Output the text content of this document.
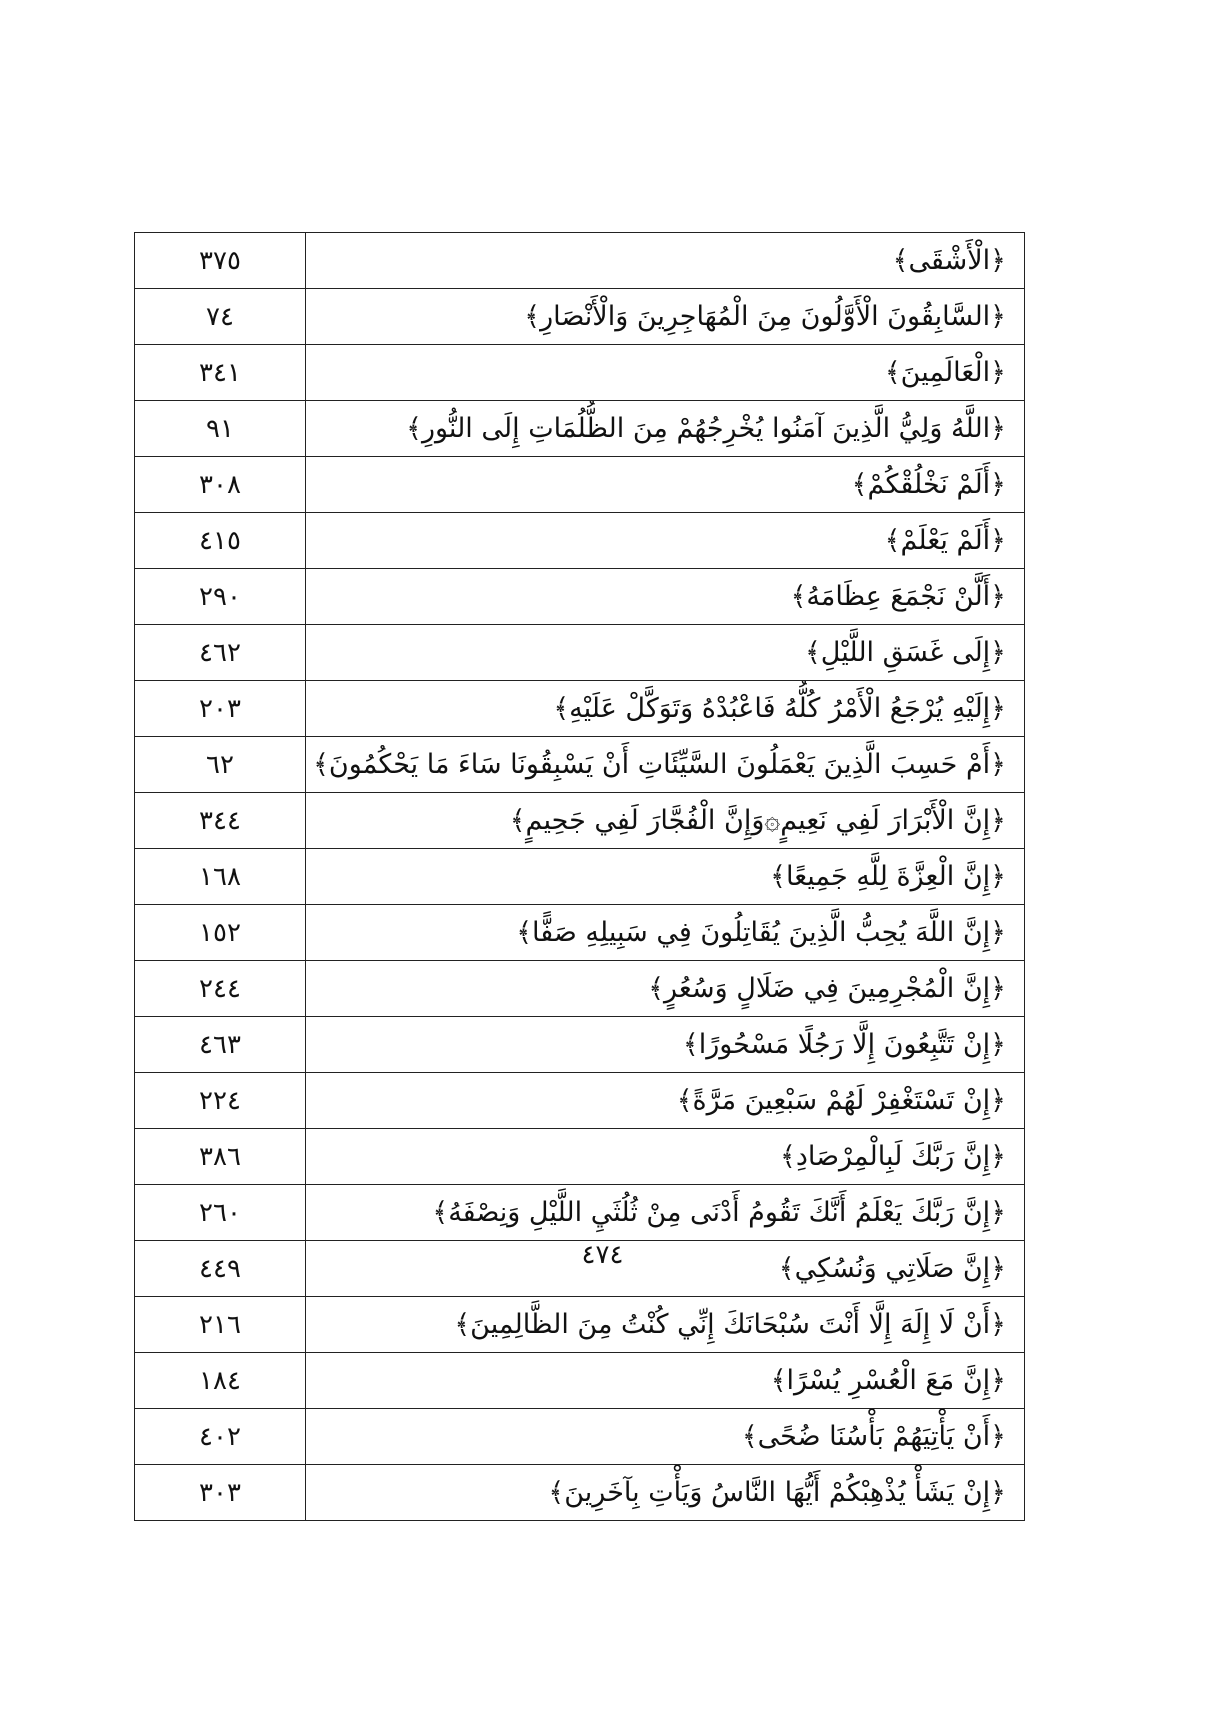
٣٧٥	﴿الْأَشْقَى﴾
٧٤	﴿السَّابِقُونَ الْأَوَّلُونَ مِنَ الْمُهَاجِرِينَ وَالْأَنْصَارِ﴾
٣٤١	﴿الْعَالَمِينَ﴾
٩١	﴿اللَّهُ وَلِيُّ الَّذِينَ آمَنُوا يُخْرِجُهُمْ مِنَ الظُّلُمَاتِ إِلَى النُّورِ﴾
٣٠٨	﴿أَلَمْ نَخْلُقْكُمْ﴾
٤١٥	﴿أَلَمْ يَعْلَمْ﴾
٢٩٠	﴿أَلَّنْ نَجْمَعَ عِظَامَهُ﴾
٤٦٢	﴿إِلَى غَسَقِ اللَّيْلِ﴾
٢٠٣	﴿إِلَيْهِ يُرْجَعُ الْأَمْرُ كُلُّهُ فَاعْبُدْهُ وَتَوَكَّلْ عَلَيْهِ﴾
٦٢	﴿أَمْ حَسِبَ الَّذِينَ يَعْمَلُونَ السَّيِّئَاتِ أَنْ يَسْبِقُونَا سَاءَ مَا يَحْكُمُونَ﴾
٣٤٤	﴿إِنَّ الْأَبْرَارَ لَفِي نَعِيمٍ۞وَإِنَّ الْفُجَّارَ لَفِي جَحِيمٍ﴾
١٦٨	﴿إِنَّ الْعِزَّةَ لِلَّهِ جَمِيعًا﴾
١٥٢	﴿إِنَّ اللَّهَ يُحِبُّ الَّذِينَ يُقَاتِلُونَ فِي سَبِيلِهِ صَفًّا﴾
٢٤٤	﴿إِنَّ الْمُجْرِمِينَ فِي ضَلَالٍ وَسُعُرٍ﴾
٤٦٣	﴿إِنْ تَتَّبِعُونَ إِلَّا رَجُلًا مَسْحُورًا﴾
٢٢٤	﴿إِنْ تَسْتَغْفِرْ لَهُمْ سَبْعِينَ مَرَّةً﴾
٣٨٦	﴿إِنَّ رَبَّكَ لَبِالْمِرْصَادِ﴾
٢٦٠	﴿إِنَّ رَبَّكَ يَعْلَمُ أَنَّكَ تَقُومُ أَدْنَى مِنْ ثُلُثَيِ اللَّيْلِ وَنِصْفَهُ﴾
٤٤٩	﴿إِنَّ صَلَاتِي وَنُسُكِي﴾
٢١٦	﴿أَنْ لَا إِلَهَ إِلَّا أَنْتَ سُبْحَانَكَ إِنِّي كُنْتُ مِنَ الظَّالِمِينَ﴾
١٨٤	﴿إِنَّ مَعَ الْعُسْرِ يُسْرًا﴾
٤٠٢	﴿أَنْ يَأْتِيَهُمْ بَأْسُنَا ضُحًى﴾
٣٠٣	﴿إِنْ يَشَأْ يُذْهِبْكُمْ أَيُّهَا النَّاسُ وَيَأْتِ بِآخَرِينَ﴾
٤٧٤
